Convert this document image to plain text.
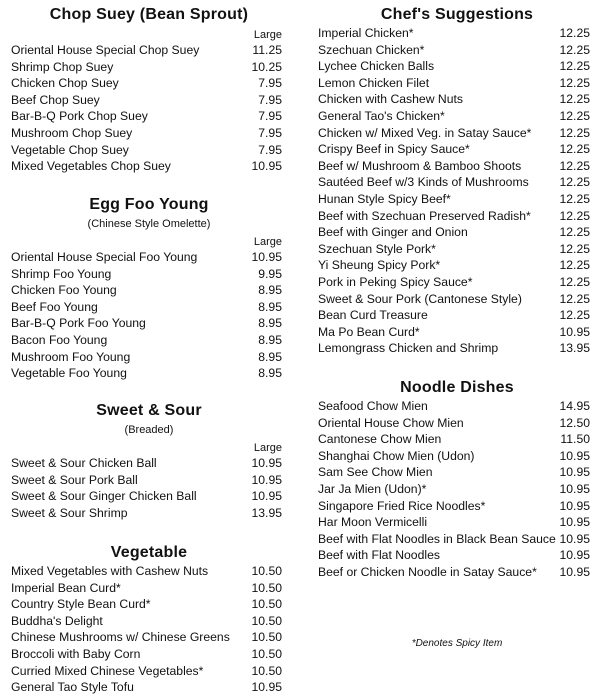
Chop Suey (Bean Sprout)
Large
Oriental House Special Chop Suey	11.25
Shrimp Chop Suey	10.25
Chicken Chop Suey	7.95
Beef Chop Suey	7.95
Bar-B-Q Pork Chop Suey	7.95
Mushroom Chop Suey	7.95
Vegetable Chop Suey	7.95
Mixed Vegetables Chop Suey	10.95
Egg Foo Young
(Chinese Style Omelette)
Large
Oriental House Special Foo Young	10.95
Shrimp Foo Young	9.95
Chicken Foo Young	8.95
Beef Foo Young	8.95
Bar-B-Q Pork Foo Young	8.95
Bacon Foo Young	8.95
Mushroom Foo Young	8.95
Vegetable Foo Young	8.95
Sweet & Sour
(Breaded)
Large
Sweet & Sour Chicken Ball	10.95
Sweet & Sour Pork Ball	10.95
Sweet & Sour Ginger Chicken Ball	10.95
Sweet & Sour Shrimp	13.95
Vegetable
Mixed Vegetables with Cashew Nuts	10.50
Imperial Bean Curd*	10.50
Country Style Bean Curd*	10.50
Buddha's Delight	10.50
Chinese Mushrooms w/ Chinese Greens 10.50
Broccoli with Baby Corn	10.50
Curried Mixed Chinese Vegetables*	10.50
General Tao Style Tofu	10.95
Chef's Suggestions
Imperial Chicken*	12.25
Szechuan Chicken*	12.25
Lychee Chicken Balls	12.25
Lemon Chicken Filet	12.25
Chicken with Cashew Nuts	12.25
General Tao's Chicken*	12.25
Chicken w/ Mixed Veg. in Satay Sauce* 12.25
Crispy Beef in Spicy Sauce*	12.25
Beef w/ Mushroom & Bamboo Shoots	12.25
Sautéed Beef w/3 Kinds of Mushrooms	12.25
Hunan Style Spicy Beef*	12.25
Beef with Szechuan Preserved Radish* 12.25
Beef with Ginger and Onion	12.25
Szechuan Style Pork*	12.25
Yi Sheung Spicy Pork*	12.25
Pork in Peking Spicy Sauce*	12.25
Sweet & Sour Pork (Cantonese Style)	12.25
Bean Curd Treasure	12.25
Ma Po Bean Curd*	10.95
Lemongrass Chicken and Shrimp	13.95
Noodle Dishes
Seafood Chow Mien	14.95
Oriental House Chow Mien	12.50
Cantonese Chow Mien	11.50
Shanghai Chow Mien (Udon)	10.95
Sam See Chow Mien	10.95
Jar Ja Mien (Udon)*	10.95
Singapore Fried Rice Noodles*	10.95
Har Moon Vermicelli	10.95
Beef with Flat Noodles in Black Bean Sauce 10.95
Beef with Flat Noodles	10.95
Beef or Chicken Noodle in Satay Sauce* 10.95
*Denotes Spicy Item
